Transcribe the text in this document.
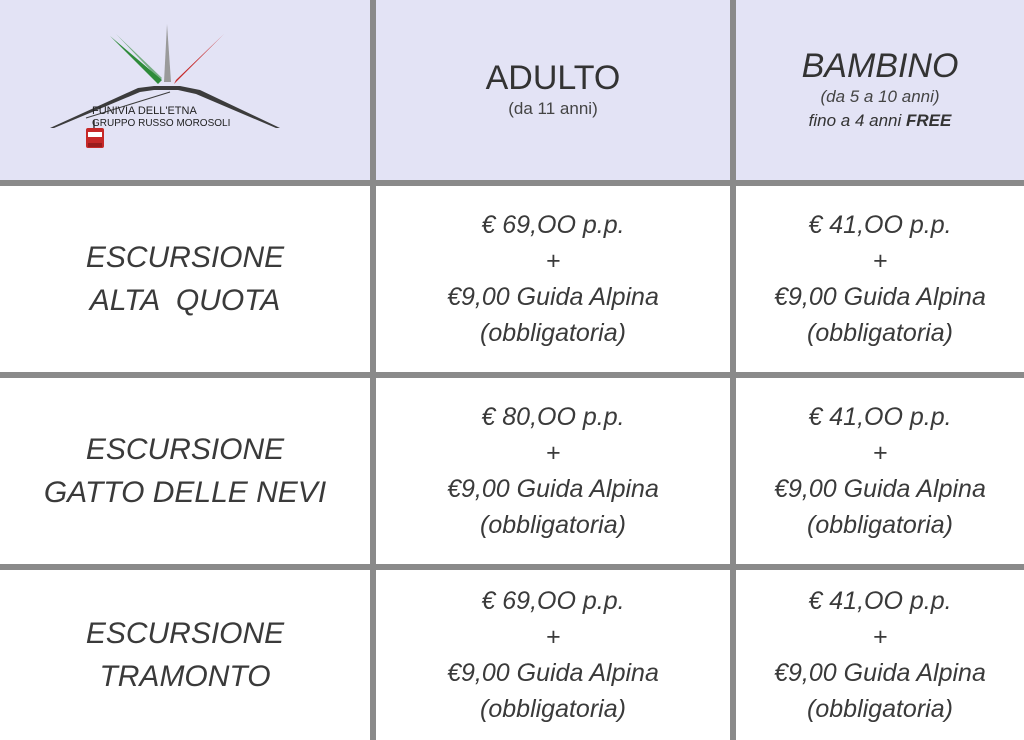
FUNIVIA DELL'ETNA
GRUPPO RUSSO MOROSOLI
ADULTO
(da 11 anni)
BAMBINO
(da 5 a 10 anni)
fino a 4 anni FREE
ESCURSIONE
ALTA  QUOTA
€ 69,OO p.p.
+
€9,00 Guida Alpina
(obbligatoria)
€ 41,OO p.p.
+
€9,00 Guida Alpina
(obbligatoria)
ESCURSIONE
GATTO DELLE NEVI
€ 80,OO p.p.
+
€9,00 Guida Alpina
(obbligatoria)
€ 41,OO p.p.
+
€9,00 Guida Alpina
(obbligatoria)
ESCURSIONE
TRAMONTO
€ 69,OO p.p.
+
€9,00 Guida Alpina
(obbligatoria)
€ 41,OO p.p.
+
€9,00 Guida Alpina
(obbligatoria)
